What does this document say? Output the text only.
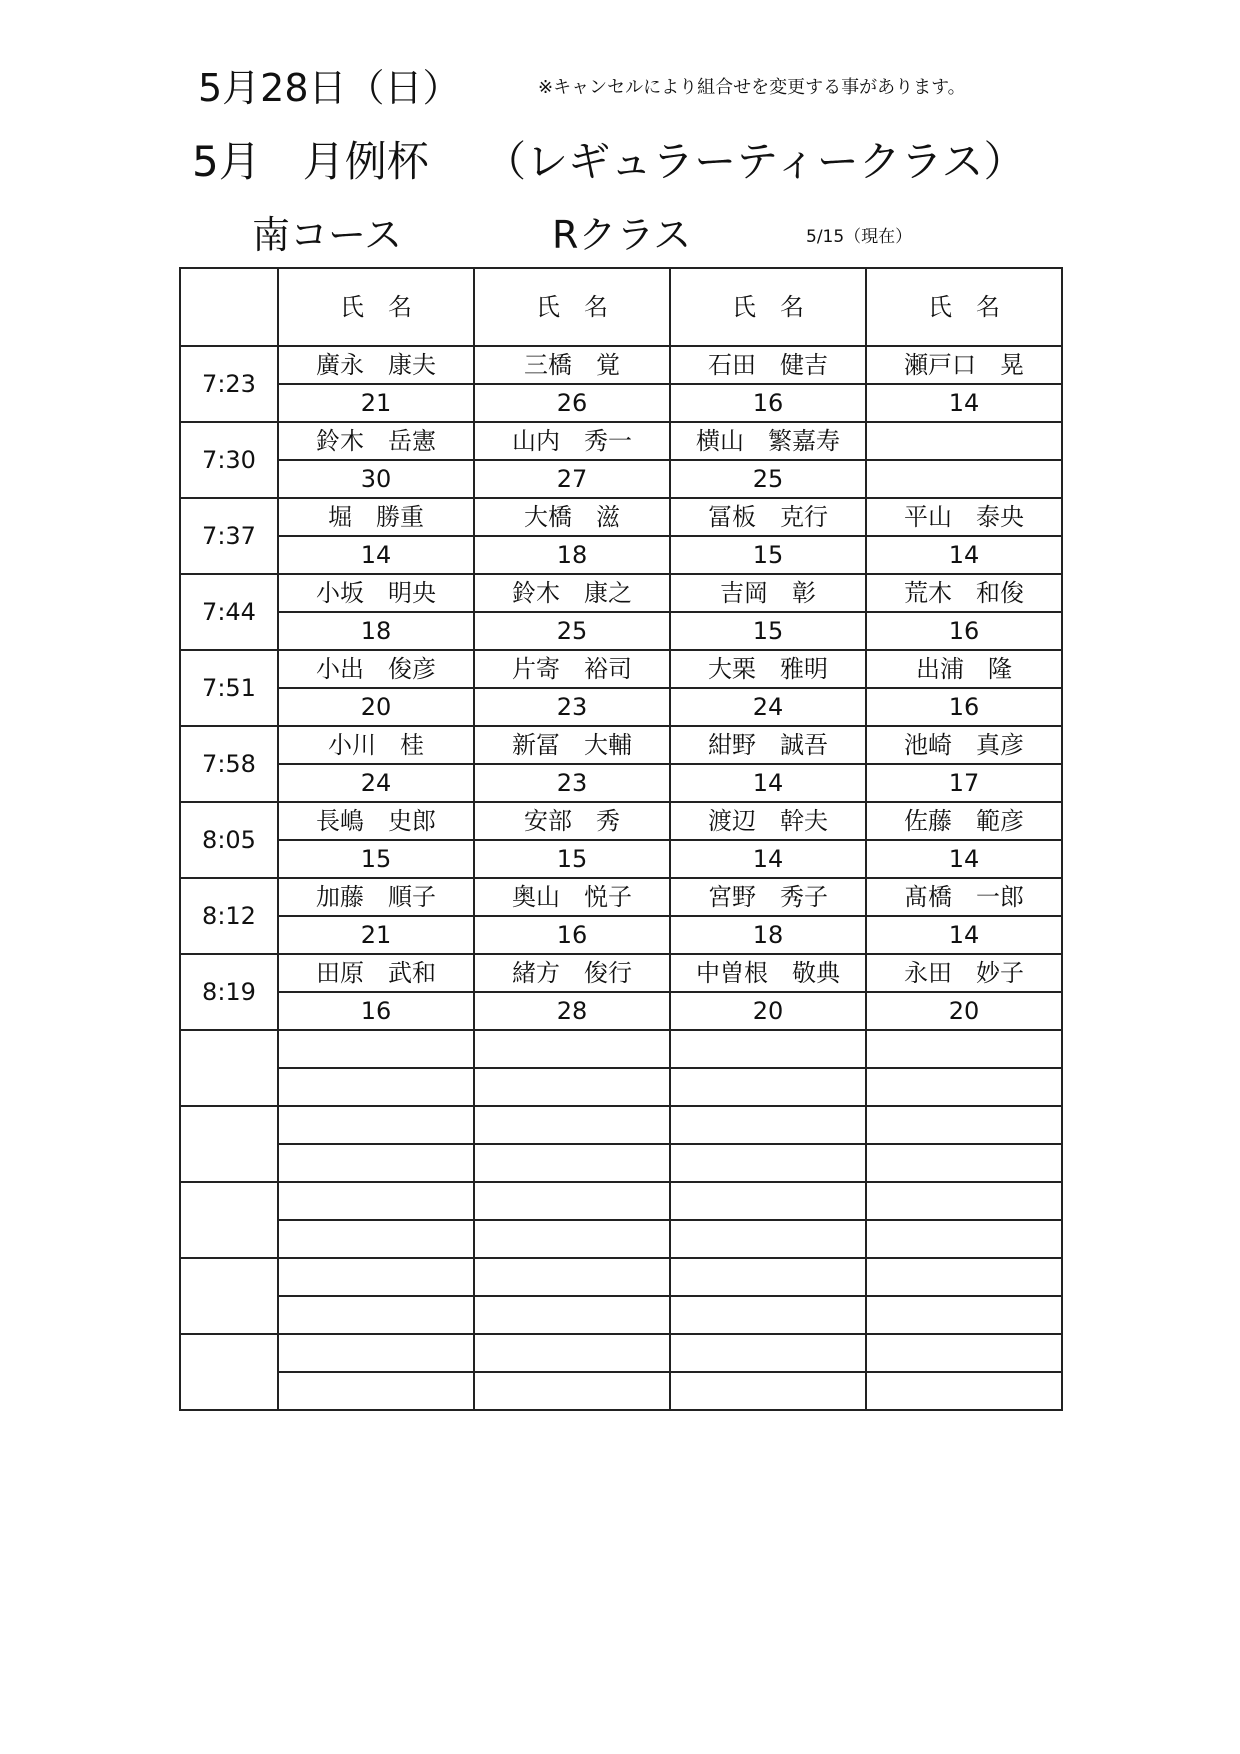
5月28日（日）	※キャンセルにより組合せを変更する事があります。
5月　月例杯　 （レギュラーティークラス）
南コース	Rクラス	5/15（現在）
	氏　名	氏　名	氏　名	氏　名
7:23	廣永　康夫	三橋　覚	石田　健吉	瀬戸口　晃
	21	26	16	14
7:30	鈴木　岳憲	山内　秀一	横山　繁嘉寿	
	30	27	25	
7:37	堀　勝重	大橋　滋	冨板　克行	平山　泰央
	14	18	15	14
7:44	小坂　明央	鈴木　康之	吉岡　彰	荒木　和俊
	18	25	15	16
7:51	小出　俊彦	片寄　裕司	大栗　雅明	出浦　隆
	20	23	24	16
7:58	小川　桂	新冨　大輔	紺野　誠吾	池崎　真彦
	24	23	14	17
8:05	長嶋　史郎	安部　秀	渡辺　幹夫	佐藤　範彦
	15	15	14	14
8:12	加藤　順子	奥山　悦子	宮野　秀子	髙橋　一郎
	21	16	18	14
8:19	田原　武和	緒方　俊行	中曽根　敬典	永田　妙子
	16	28	20	20
